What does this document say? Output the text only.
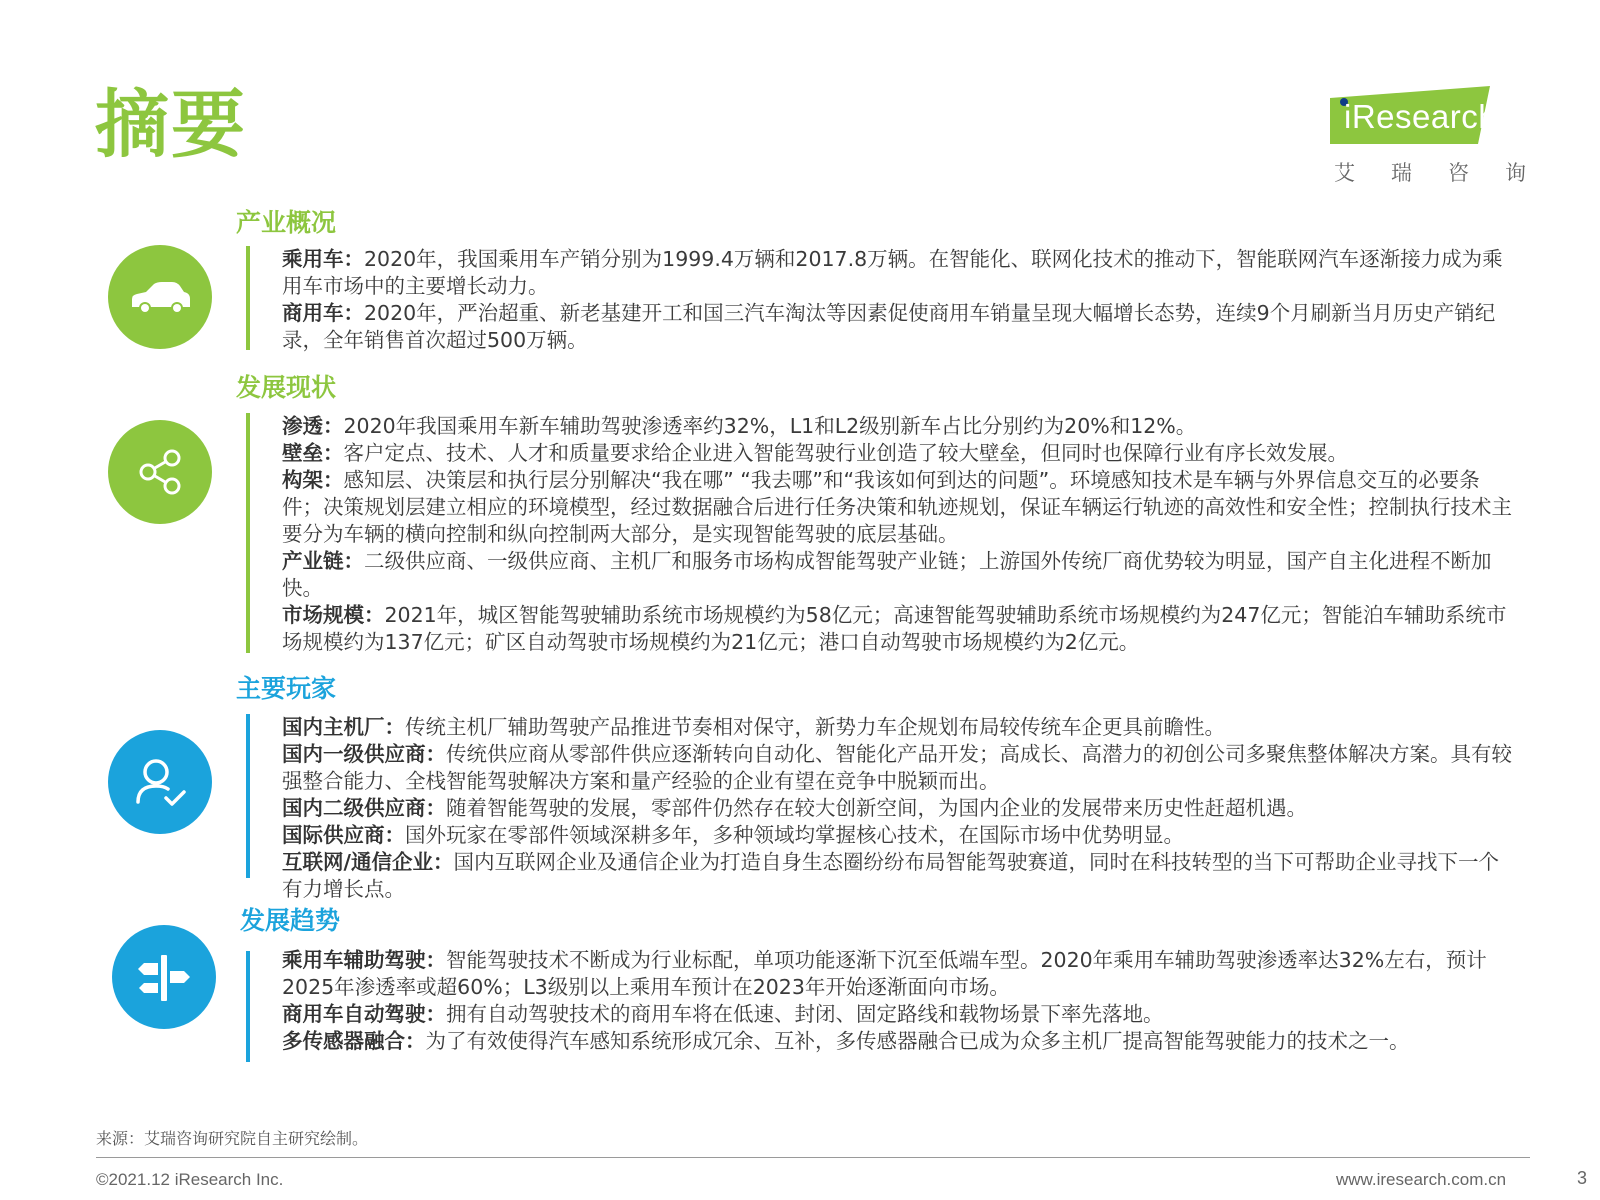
摘要	iResearch
艾瑞咨询
产业概况

乘用车：2020年，我国乘用车产销分别为1999.4万辆和2017.8万辆。在智能化、联网化技术的推动下，智能联网汽车逐渐接力成为乘用车市场中的主要增长动力。

商用车：2020年，严治超重、新老基建开工和国三汽车淘汰等因素促使商用车销量呈现大幅增长态势，连续9个月刷新当月历史产销纪录，全年销售首次超过500万辆。

发展现状

渗透：2020年我国乘用车新车辅助驾驶渗透率约32%，L1和L2级别新车占比分别约为20%和12%。

壁垒：客户定点、技术、人才和质量要求给企业进入智能驾驶行业创造了较大壁垒，但同时也保障行业有序长效发展。

构架：感知层、决策层和执行层分别解决“我在哪” “我去哪”和“我该如何到达的问题”。环境感知技术是车辆与外界信息交互的必要条件；决策规划层建立相应的环境模型，经过数据融合后进行任务决策和轨迹规划，保证车辆运行轨迹的高效性和安全性；控制执行技术主要分为车辆的横向控制和纵向控制两大部分，是实现智能驾驶的底层基础。

产业链：二级供应商、一级供应商、主机厂和服务市场构成智能驾驶产业链；上游国外传统厂商优势较为明显，国产自主化进程不断加快。

市场规模：2021年，城区智能驾驶辅助系统市场规模约为58亿元；高速智能驾驶辅助系统市场规模约为247亿元；智能泊车辅助系统市场规模约为137亿元；矿区自动驾驶市场规模约为21亿元；港口自动驾驶市场规模约为2亿元。

主要玩家

国内主机厂：传统主机厂辅助驾驶产品推进节奏相对保守，新势力车企规划布局较传统车企更具前瞻性。

国内一级供应商：传统供应商从零部件供应逐渐转向自动化、智能化产品开发；高成长、高潜力的初创公司多聚焦整体解决方案。具有较强整合能力、全栈智能驾驶解决方案和量产经验的企业有望在竞争中脱颖而出。

国内二级供应商：随着智能驾驶的发展，零部件仍然存在较大创新空间，为国内企业的发展带来历史性赶超机遇。

国际供应商：国外玩家在零部件领域深耕多年，多种领域均掌握核心技术，在国际市场中优势明显。

互联网/通信企业：国内互联网企业及通信企业为打造自身生态圈纷纷布局智能驾驶赛道，同时在科技转型的当下可帮助企业寻找下一个有力增长点。

发展趋势

乘用车辅助驾驶：智能驾驶技术不断成为行业标配，单项功能逐渐下沉至低端车型。2020年乘用车辅助驾驶渗透率达32%左右，预计2025年渗透率或超60%；L3级别以上乘用车预计在2023年开始逐渐面向市场。

商用车自动驾驶：拥有自动驾驶技术的商用车将在低速、封闭、固定路线和载物场景下率先落地。

多传感器融合：为了有效使得汽车感知系统形成冗余、互补，多传感器融合已成为众多主机厂提高智能驾驶能力的技术之一。

来源：艾瑞咨询研究院自主研究绘制。
©2021.12 iResearch Inc.	www.iresearch.com.cn	3
